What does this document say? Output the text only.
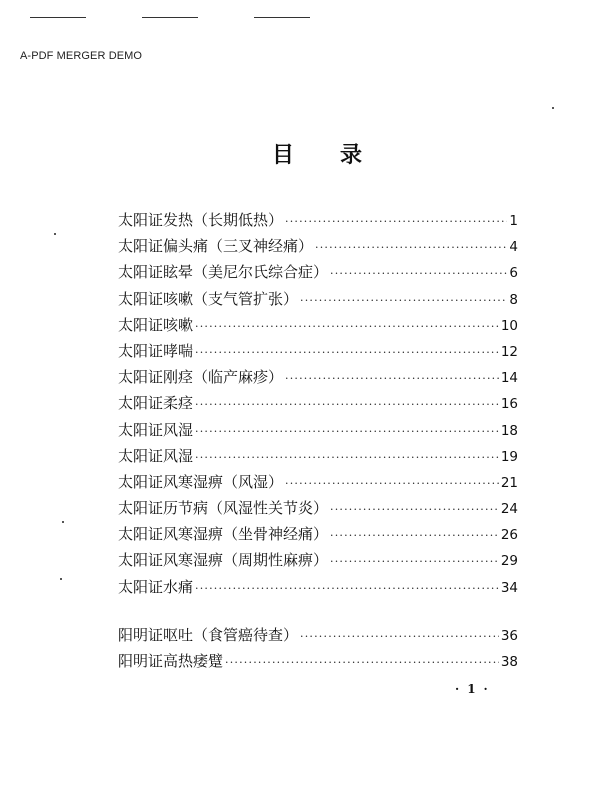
A-PDF MERGER DEMO
目 录
太阳证发热（长期低热） ·····	1
太阳证偏头痛（三叉神经痛） ·····	4
太阳证眩晕（美尼尔氏综合症） ·····	6
太阳证咳嗽（支气管扩张） ·····	8
太阳证咳嗽 ·····	10
太阳证哮喘 ·····	12
太阳证刚痉（临产麻疹） ·····	14
太阳证柔痉 ·····	16
太阳证风湿 ·····	18
太阳证风湿 ·····	19
太阳证风寒湿痹（风湿） ·····	21
太阳证历节病（风湿性关节炎） ·····	24
太阳证风寒湿痹（坐骨神经痛） ·····	26
太阳证风寒湿痹（周期性麻痹） ·····	29
太阳证水痛 ·····	34
阳明证呕吐（食管癌待查） ·····	36
阳明证高热痿躄 ·····	38
·1·
